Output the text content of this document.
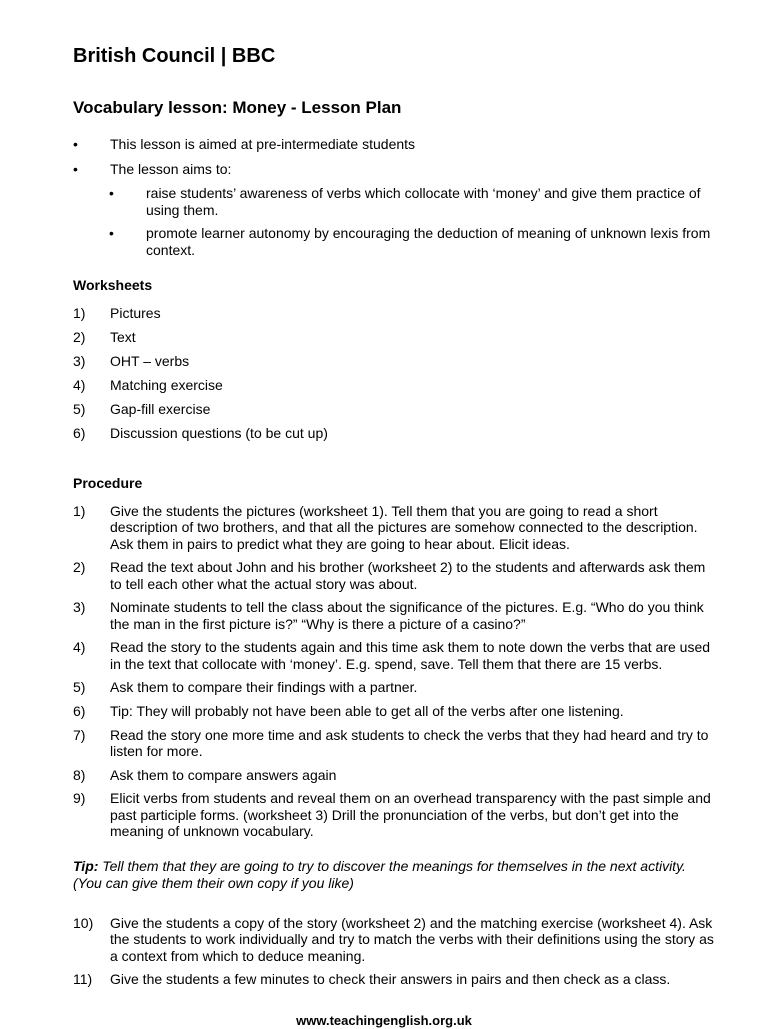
British Council | BBC
Vocabulary lesson: Money - Lesson Plan
• This lesson is aimed at pre-intermediate students
• The lesson aims to:
• raise students’ awareness of verbs which collocate with ‘money’ and give them practice of using them.
• promote learner autonomy by encouraging the deduction of meaning of unknown lexis from context.
Worksheets
1) Pictures
2) Text
3) OHT – verbs
4) Matching exercise
5) Gap-fill exercise
6) Discussion questions (to be cut up)
Procedure
1) Give the students the pictures (worksheet 1). Tell them that you are going to read a short description of two brothers, and that all the pictures are somehow connected to the description. Ask them in pairs to predict what they are going to hear about. Elicit ideas.
2) Read the text about John and his brother (worksheet 2) to the students and afterwards ask them to tell each other what the actual story was about.
3) Nominate students to tell the class about the significance of the pictures. E.g. “Who do you think the man in the first picture is?” “Why is there a picture of a casino?”
4) Read the story to the students again and this time ask them to note down the verbs that are used in the text that collocate with ‘money’. E.g. spend, save. Tell them that there are 15 verbs.
5) Ask them to compare their findings with a partner.
6) Tip: They will probably not have been able to get all of the verbs after one listening.
7) Read the story one more time and ask students to check the verbs that they had heard and try to listen for more.
8) Ask them to compare answers again
9) Elicit verbs from students and reveal them on an overhead transparency with the past simple and past participle forms. (worksheet 3) Drill the pronunciation of the verbs, but don’t get into the meaning of unknown vocabulary.
Tip: Tell them that they are going to try to discover the meanings for themselves in the next activity. (You can give them their own copy if you like)
10) Give the students a copy of the story (worksheet 2) and the matching exercise (worksheet 4). Ask the students to work individually and try to match the verbs with their definitions using the story as a context from which to deduce meaning.
11) Give the students a few minutes to check their answers in pairs and then check as a class.
www.teachingenglish.org.uk
